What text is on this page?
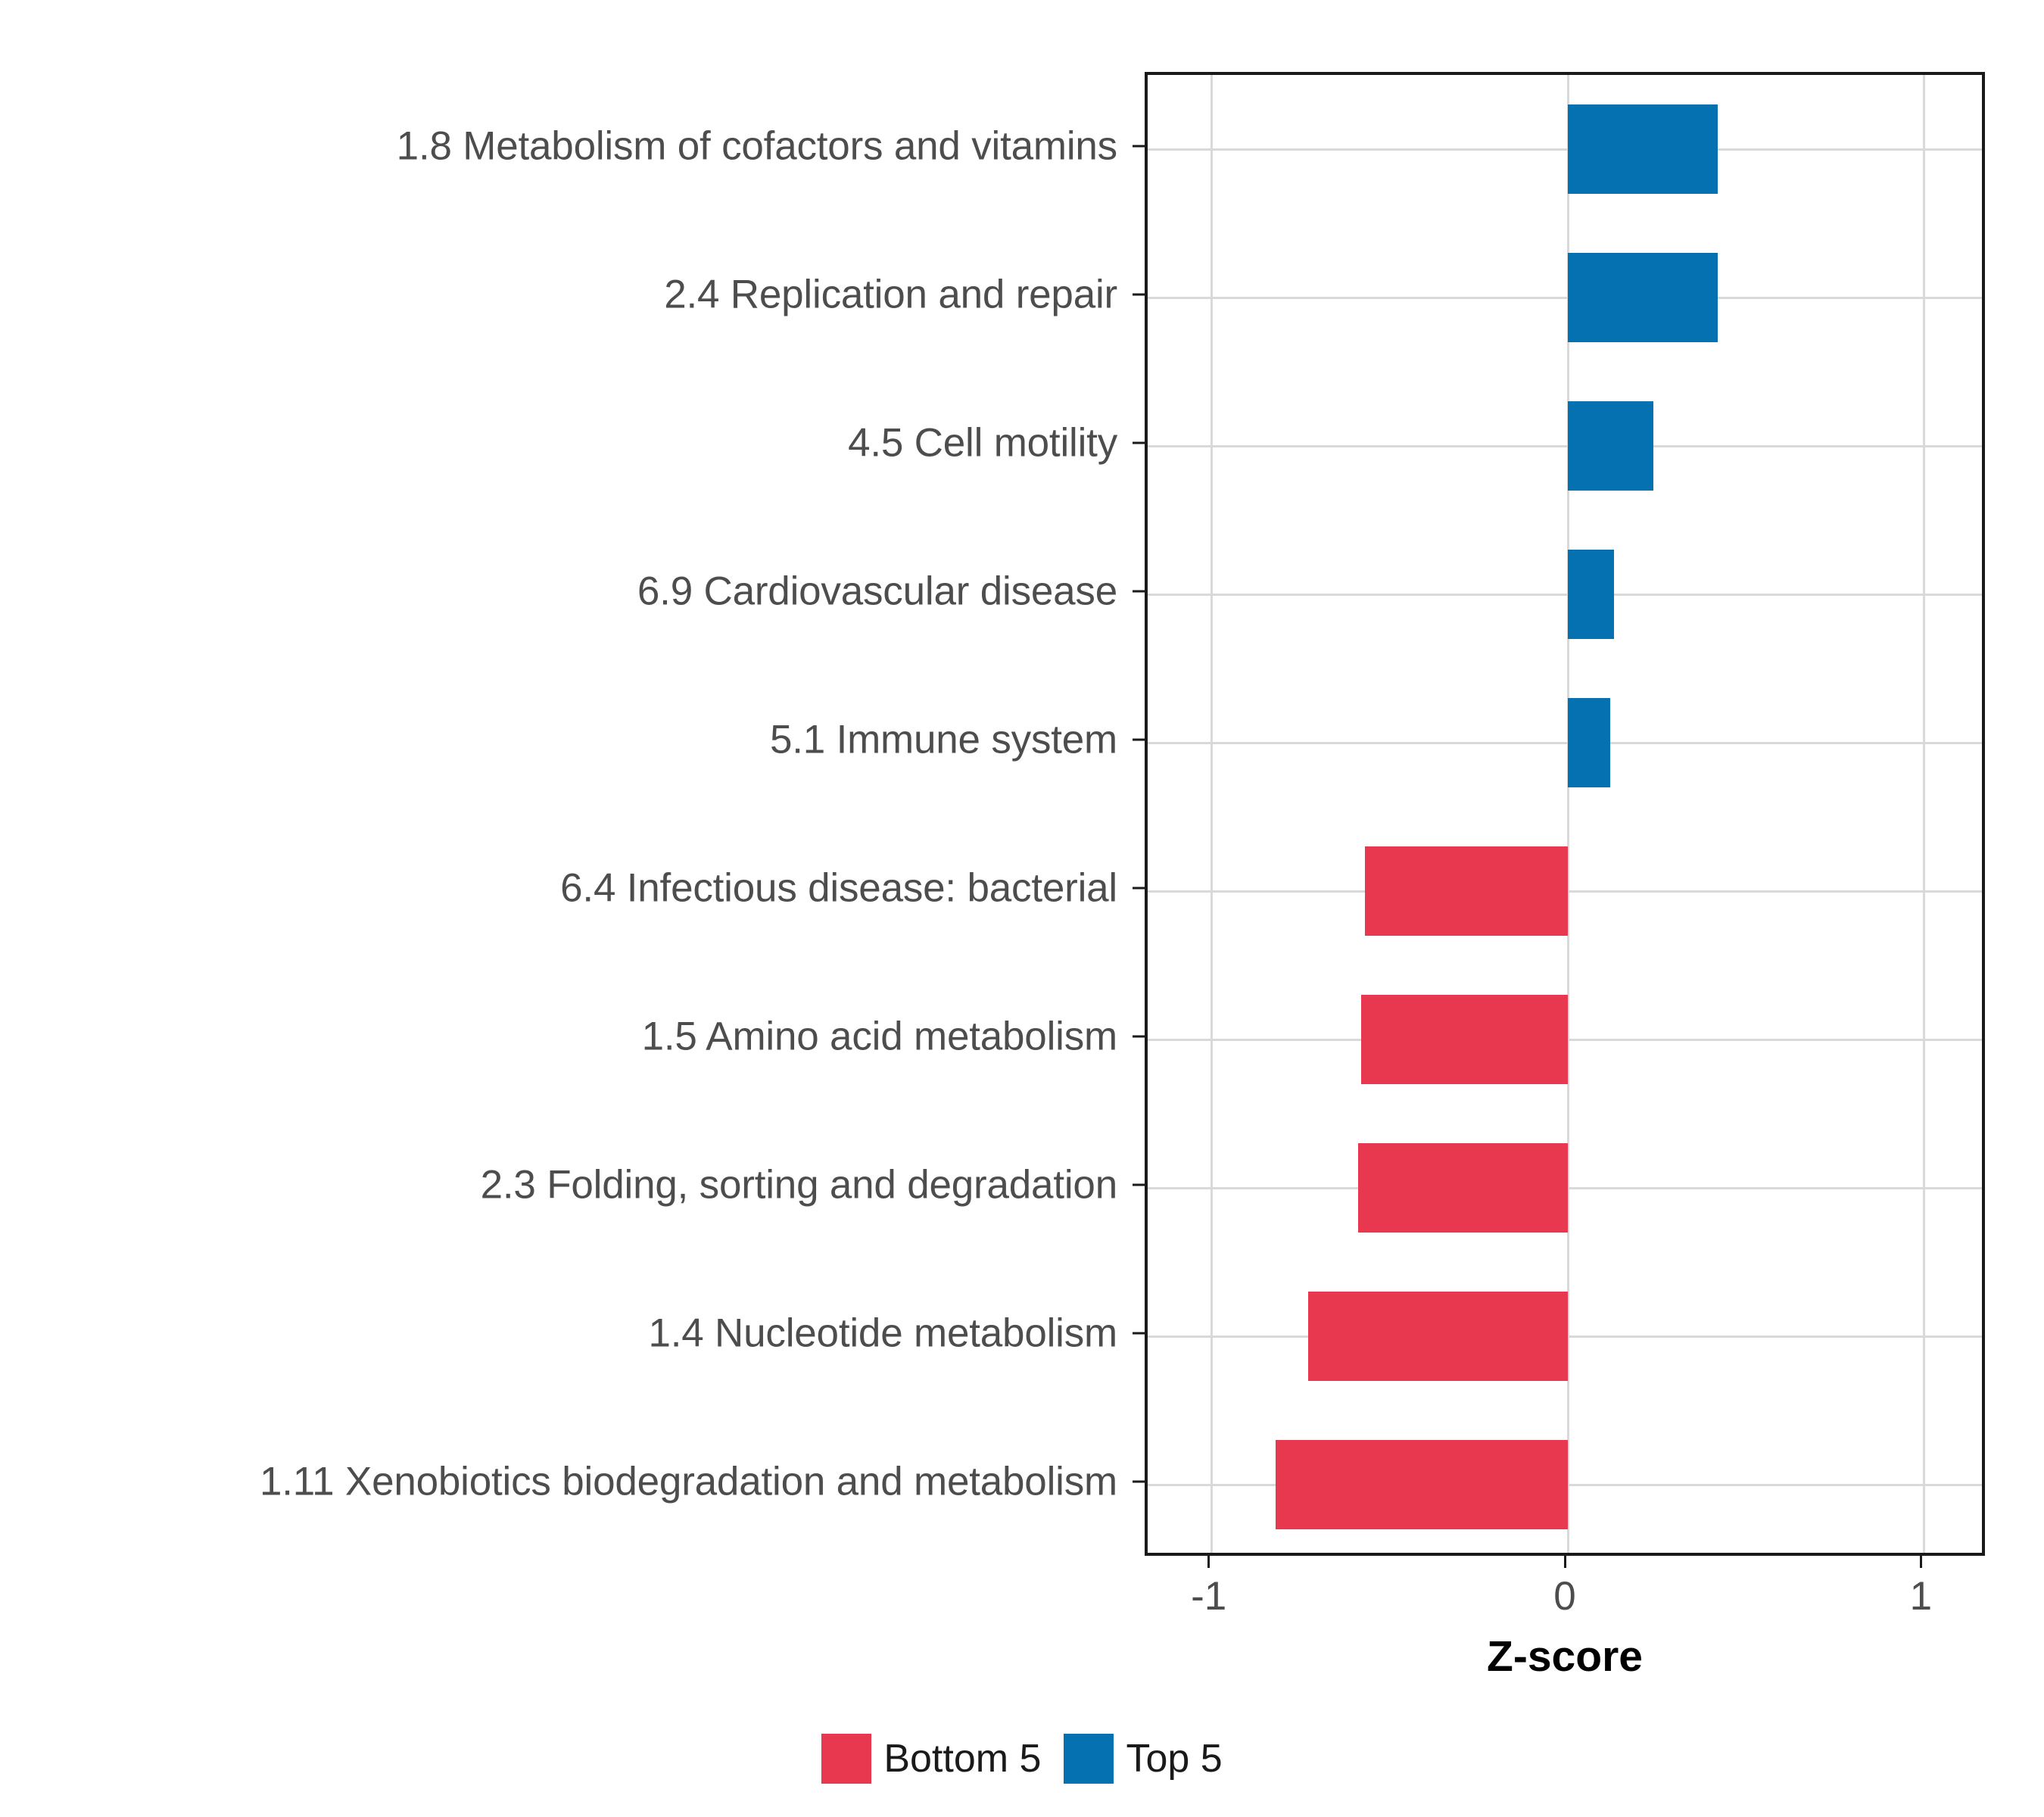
1.8 Metabolism of cofactors and vitamins
2.4 Replication and repair
4.5 Cell motility
6.9 Cardiovascular disease
5.1 Immune system
6.4 Infectious disease: bacterial
1.5 Amino acid metabolism
2.3 Folding, sorting and degradation
1.4 Nucleotide metabolism
1.11 Xenobiotics biodegradation and metabolism
Z-score
Bottom 5 Top 5
-1	0	1
